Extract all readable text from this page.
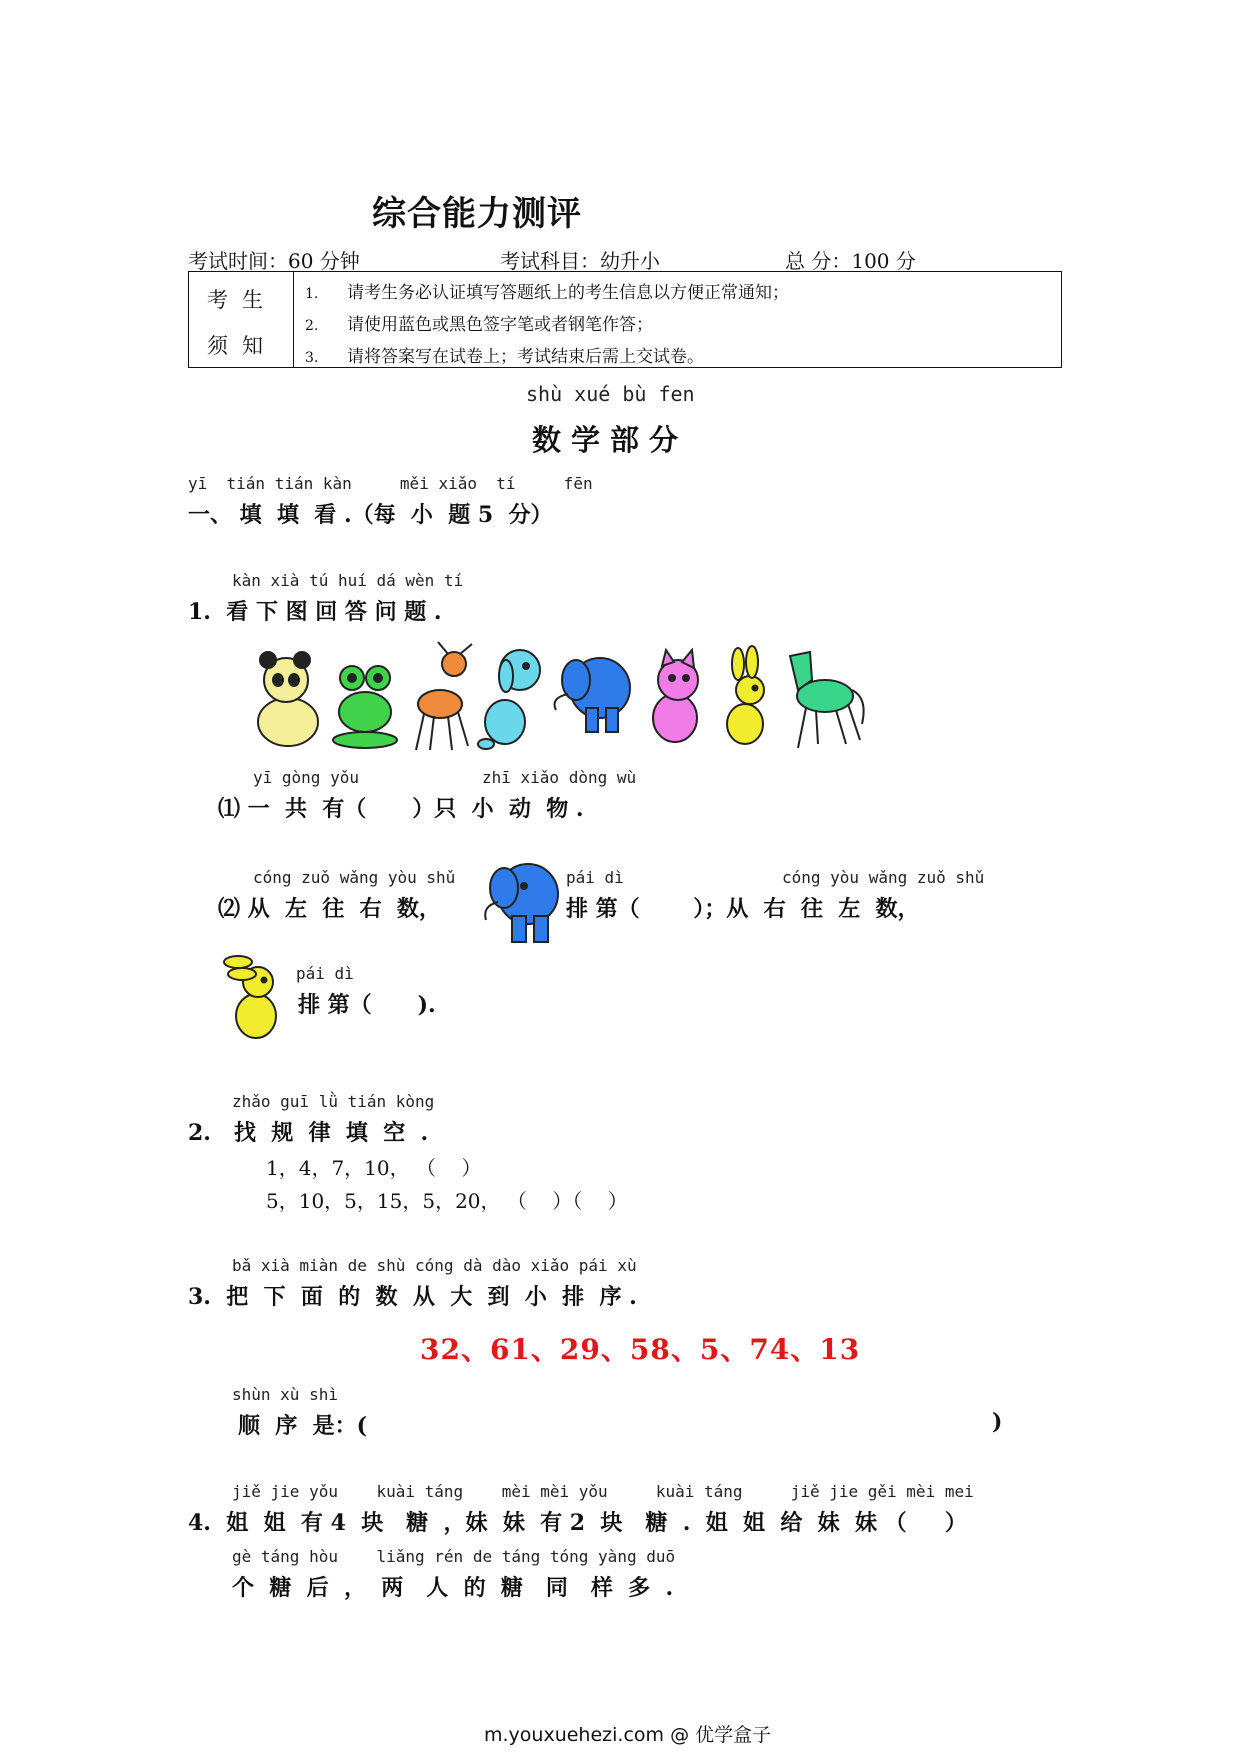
综合能力测评
考试时间：60 分钟	考试科目：幼升小	总 分：100 分
考生
须知
1. 请考生务必认证填写答题纸上的考生信息以方便正常通知；
2. 请使用蓝色或黑色签字笔或者钢笔作答；
3. 请将答案写在试卷上；考试结束后需上交试卷。
shù xué bù fen
数学部分
yī  tián tián kàn     měi xiǎo  tí     fēn
一、 填  填  看 .（每  小  题 5  分）
kàn xià tú huí dá wèn tí
1.  看 下 图 回 答 问 题 .
yī gòng yǒu	zhī xiǎo dòng wù
⑴ 一  共  有（      ）只  小  动  物 .
cóng zuǒ wǎng yòu shǔ	pái dì	cóng yòu wǎng zuǒ shǔ
⑵ 从  左  往  右  数，	排 第（       ）；从  右  往  左  数，
pái dì
排 第（      ).
zhǎo guī lǜ tián kòng
2.   找  规  律  填  空  .
1，4，7，10， （    ）
5，10，5，15，5，20， （    ）（    ）
bǎ xià miàn de shù cóng dà dào xiǎo pái xù
3.  把  下  面  的  数  从  大  到  小  排  序 .
32、61、29、58、5、74、13
shùn xù shì
顺  序  是：(	)
jiě jie yǒu    kuài táng    mèi mèi yǒu     kuài táng     jiě jie gěi mèi mei
4.  姐  姐  有 4  块   糖  ，妹  妹  有 2  块   糖  .  姐  姐  给  妹  妹 （     ）
gè táng hòu    liǎng rén de táng tóng yàng duō
个  糖  后  ，  两   人  的  糖   同   样  多  .
m.youxuehezi.com @ 优学盒子
